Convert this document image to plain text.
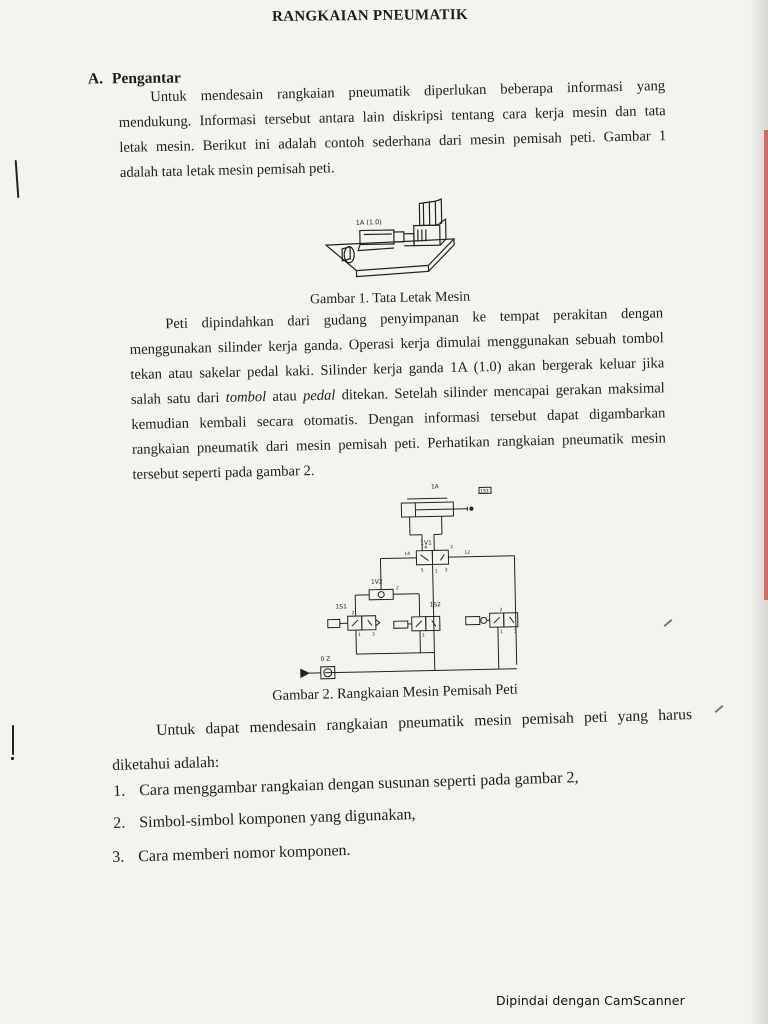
RANGKAIAN PNEUMATIK
A. Pengantar
Untuk mendesain rangkaian pneumatik diperlukan beberapa informasi yang
mendukung. Informasi tersebut antara lain diskripsi tentang cara kerja mesin dan tata
letak mesin. Berikut ini adalah contoh sederhana dari mesin pemisah peti. Gambar 1
adalah tata letak mesin pemisah peti.
1A (1.0)
Gambar 1. Tata Letak Mesin
Peti dipindahkan dari gudang penyimpanan ke tempat perakitan dengan
menggunakan silinder kerja ganda. Operasi kerja dimulai menggunakan sebuah tombol
tekan atau sakelar pedal kaki. Silinder kerja ganda 1A (1.0) akan bergerak keluar jika
salah satu dari tombol atau pedal ditekan. Setelah silinder mencapai gerakan maksimal
kemudian kembali secara otomatis. Dengan informasi tersebut dapat digambarkan
rangkaian pneumatik dari mesin pemisah peti. Perhatikan rangkaian pneumatik mesin
tersebut seperti pada gambar 2.
1A
1S3
1V1
1V2
1S1	1S2
0 Z
14	12
4	2
1
5	3
2
2
1 3	1
2
1 3
Gambar 2. Rangkaian Mesin Pemisah Peti
Untuk dapat mendesain rangkaian pneumatik mesin pemisah peti yang harus
diketahui adalah:
1. Cara menggambar rangkaian dengan susunan seperti pada gambar 2,
2. Simbol-simbol komponen yang digunakan,
3. Cara memberi nomor komponen.
Dipindai dengan CamScanner
